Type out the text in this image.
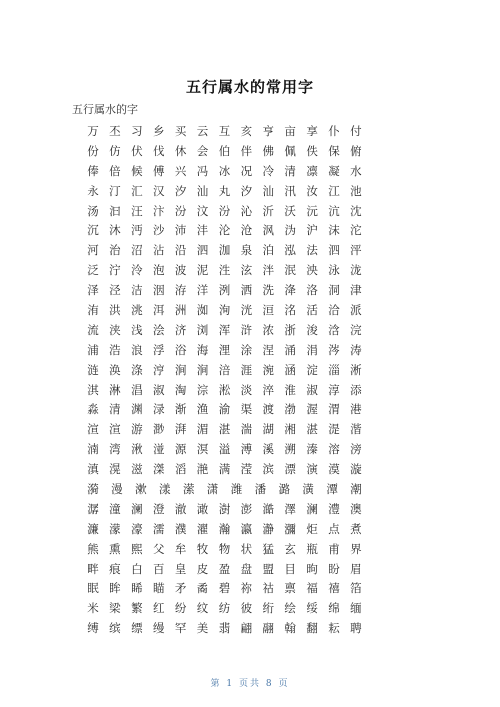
五行属水的常用字
五行属水的字
万 丕 习 乡 买 云 互 亥 亨 亩 享 仆 付
份 仿 伏 伐 休 会 伯 伴 佛 佩 佚 保 俯
俸 倍 候 傅 兴 冯 冰 况 冷 清 凛 凝 水
永 汀 汇 汉 汐 汕 丸 汐 汕 汛 汝 江 池
汤 汩 汪 汴 汾 汶 汾 沁 沂 沃 沅 沆 沈
沉 沐 沔 沙 沛 沣 沦 沧 沨 沩 沪 沫 沱
河 治 沼 沾 沿 泗 泇 泉 泊 泓 法 泗 泙
泛 泞 泠 泡 波 泥 泩 泫 泮 泯 泱 泳 泷
泽 泾 洁 洇 洊 洋 洌 洒 洗 洚 洛 洞 津
洧 洪 洮 洱 洲 洳 洵 洸 洹 洺 活 洽 派
流 浃 浅 浍 济 浏 浑 浒 浓 浙 浚 浛 浣
浦 浩 浪 浮 浴 海 浬 涂 涅 涌 涓 涔 涛
涟 涣 涤 涥 涧 涧 涪 涯 涴 涵 淀 淄 淅
淇 淋 淐 淑 淘 淙 淞 淡 淬 淮 淑 淳 添
淼 清 渊 渌 渐 渔 渝 渠 渡 渤 渥 渭 港
渲 渲 游 渺 湃 湄 湛 湍 湖 湘 湛 湜 湝
湳 湾 湫 湴 源 溟 溢 溥 溪 溯 溱 溶 滂
滇 滉 滋 滐 滔 滟 满 滢 滨 漂 演 漠 漩
漪 漫 漱 漾 潆 潇 潍 潘 潞 潢 潭 潮
潺 潼 澜 澄 澈 澉 澍 澎 澔 澤 澜 澧 澳
濂 濛 濠 濡 濮 濯 瀚 瀛 瀞 瀰 炬 点 煮
熊 熏 熙 父 牟 牧 物 状 猛 玄 瓶 甫 界
畔 痕 白 百 皇 皮 盈 盘 盟 目 昫 盼 眉
眠 眸 睎 瞄 矛 矞 碧 祢 祜 禀 福 禧 箔
米 梁 繁 红 纷 纹 纺 彼 绗 绘 绥 绵 缅
缚 缤 缥 缦 罕 美 翡 翩 翮 翰 翻 耘 聘
第 1 页共 8 页
